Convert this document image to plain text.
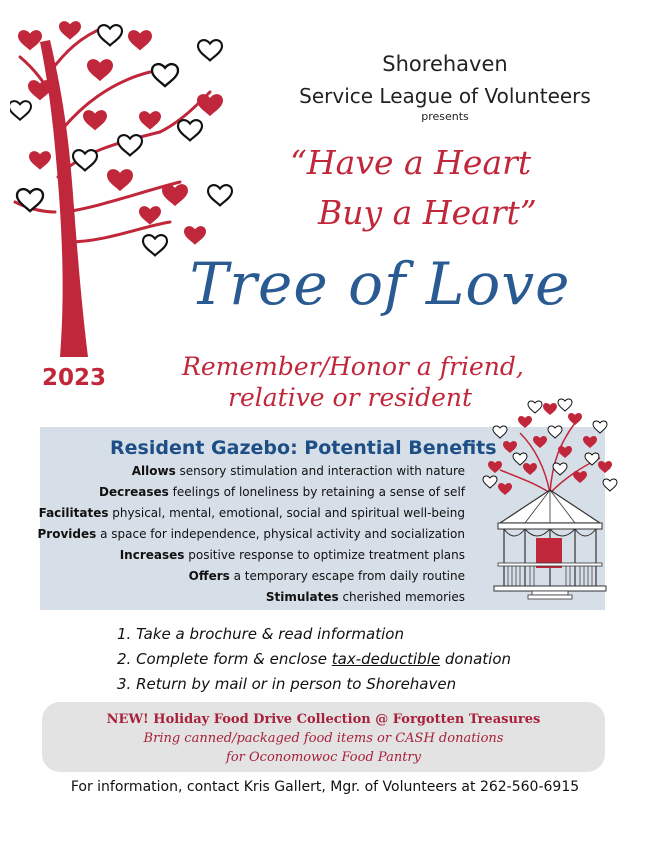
2023
Shorehaven
Service League of Volunteers
presents
“Have a Heart
Buy a Heart”
Tree of Love
Remember/Honor a friend,
relative or resident
Resident Gazebo: Potential Benefits
Allows sensory stimulation and interaction with nature
Decreases feelings of loneliness by retaining a sense of self
Facilitates physical, mental, emotional, social and spiritual well-being
Provides a space for independence, physical activity and socialization
Increases positive response to optimize treatment plans
Offers a temporary escape from daily routine
Stimulates cherished memories
1. Take a brochure & read information
2. Complete form & enclose tax-deductible donation
3. Return by mail or in person to Shorehaven
NEW! Holiday Food Drive Collection @ Forgotten Treasures
Bring canned/packaged food items or CASH donations
for Oconomowoc Food Pantry
For information, contact Kris Gallert, Mgr. of Volunteers at 262-560-6915
